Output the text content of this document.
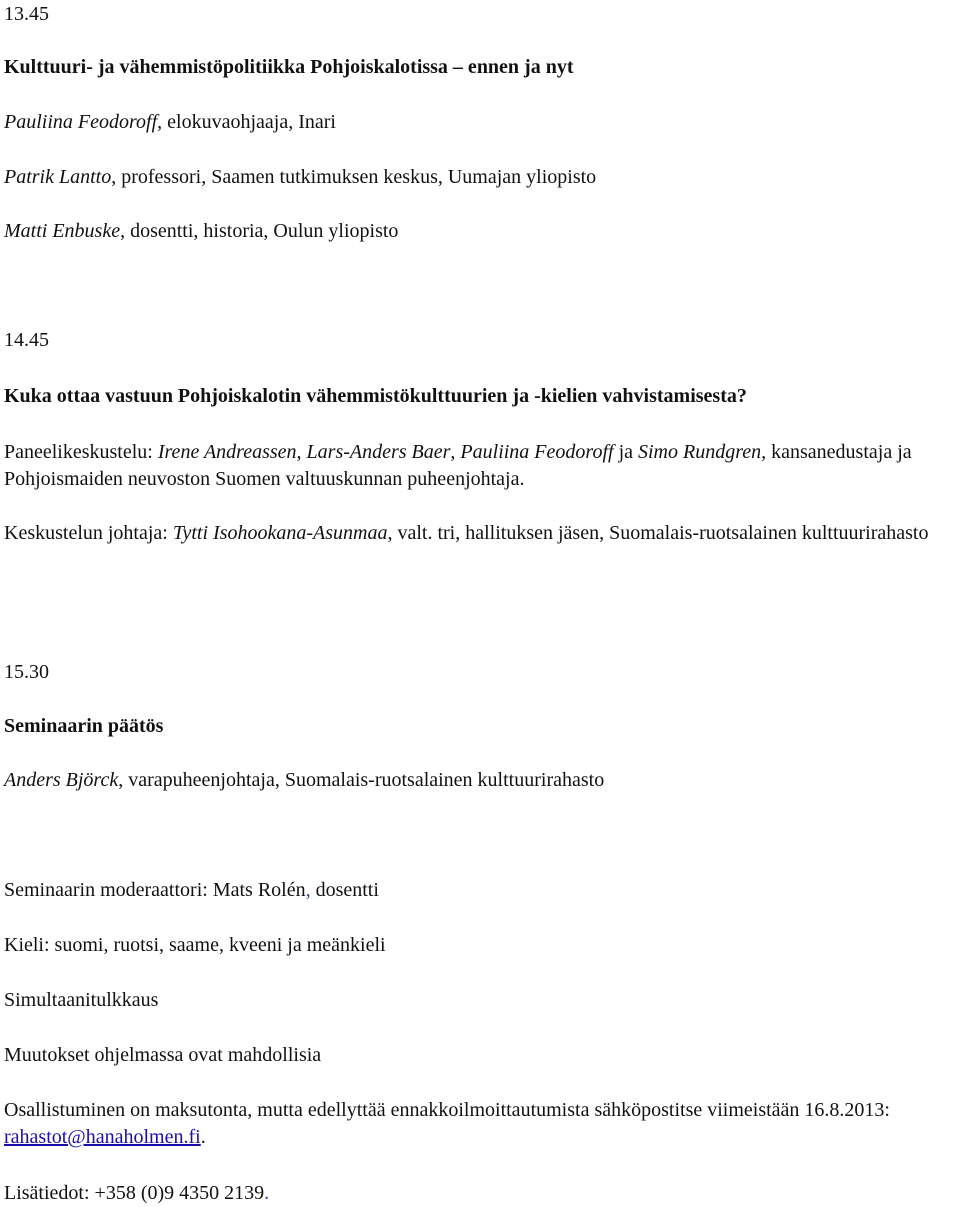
13.45

Kulttuuri- ja vähemmistöpolitiikka Pohjoiskalotissa – ennen ja nyt

Pauliina Feodoroff, elokuvaohjaaja, Inari

Patrik Lantto, professori, Saamen tutkimuksen keskus, Uumajan yliopisto

Matti Enbuske, dosentti, historia, Oulun yliopisto

14.45

Kuka ottaa vastuun Pohjoiskalotin vähemmistökulttuurien ja -kielien vahvistamisesta?

Paneelikeskustelu: Irene Andreassen, Lars-Anders Baer, Pauliina Feodoroff ja Simo Rundgren, kansanedustaja ja Pohjoismaiden neuvoston Suomen valtuuskunnan puheenjohtaja.

Keskustelun johtaja: Tytti Isohookana-Asunmaa, valt. tri, hallituksen jäsen, Suomalais-ruotsalainen kulttuurirahasto

15.30

Seminaarin päätös

Anders Björck, varapuheenjohtaja, Suomalais-ruotsalainen kulttuurirahasto

Seminaarin moderaattori: Mats Rolén, dosentti

Kieli: suomi, ruotsi, saame, kveeni ja meänkieli

Simultaanitulkkaus

Muutokset ohjelmassa ovat mahdollisia

Osallistuminen on maksutonta, mutta edellyttää ennakkoilmoittautumista sähköpostitse viimeistään 16.8.2013: rahastot@hanaholmen.fi.

Lisätiedot: +358 (0)9 4350 2139.
